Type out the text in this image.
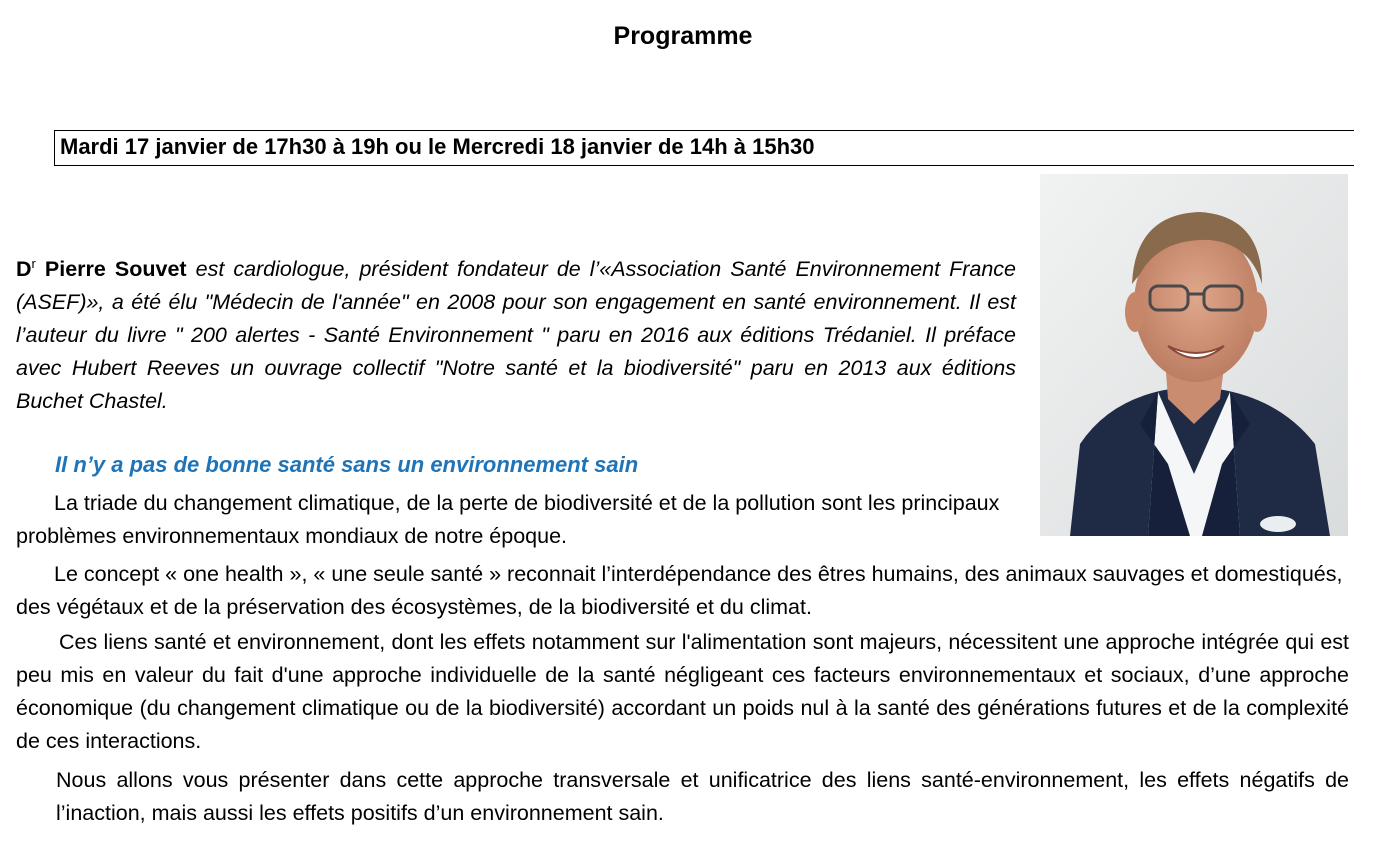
Programme
Mardi 17 janvier de 17h30 à 19h ou le Mercredi 18 janvier de 14h à 15h30
$D^r$ Pierre Souvet est cardiologue, président fondateur de l’«Association Santé Environnement France (ASEF)», a été élu "Médecin de l'année" en 2008 pour son engagement en santé environnement. Il est l’auteur du livre " 200 alertes - Santé Environnement " paru en 2016 aux éditions Trédaniel. Il préface avec Hubert Reeves un ouvrage collectif "Notre santé et la biodiversité" paru en 2013 aux éditions Buchet Chastel.
Il n’y a pas de bonne santé sans un environnement sain
La triade du changement climatique, de la perte de biodiversité et de la pollution sont les principaux problèmes environnementaux mondiaux de notre époque.
Le concept « one health », « une seule santé » reconnait l’interdépendance des êtres humains, des animaux sauvages et domestiqués, des végétaux et de la préservation des écosystèmes, de la biodiversité et du climat.
Ces liens santé et environnement, dont les effets notamment sur l'alimentation sont majeurs, nécessitent une approche intégrée qui est peu mis en valeur du fait d'une approche individuelle de la santé négligeant ces facteurs environnementaux et sociaux, d’une approche économique (du changement climatique ou de la biodiversité) accordant un poids nul à la santé des générations futures et de la complexité de ces interactions.
Nous allons vous présenter dans cette approche transversale et unificatrice des liens santé-environnement, les effets négatifs de l’inaction, mais aussi les effets positifs d’un environnement sain.
